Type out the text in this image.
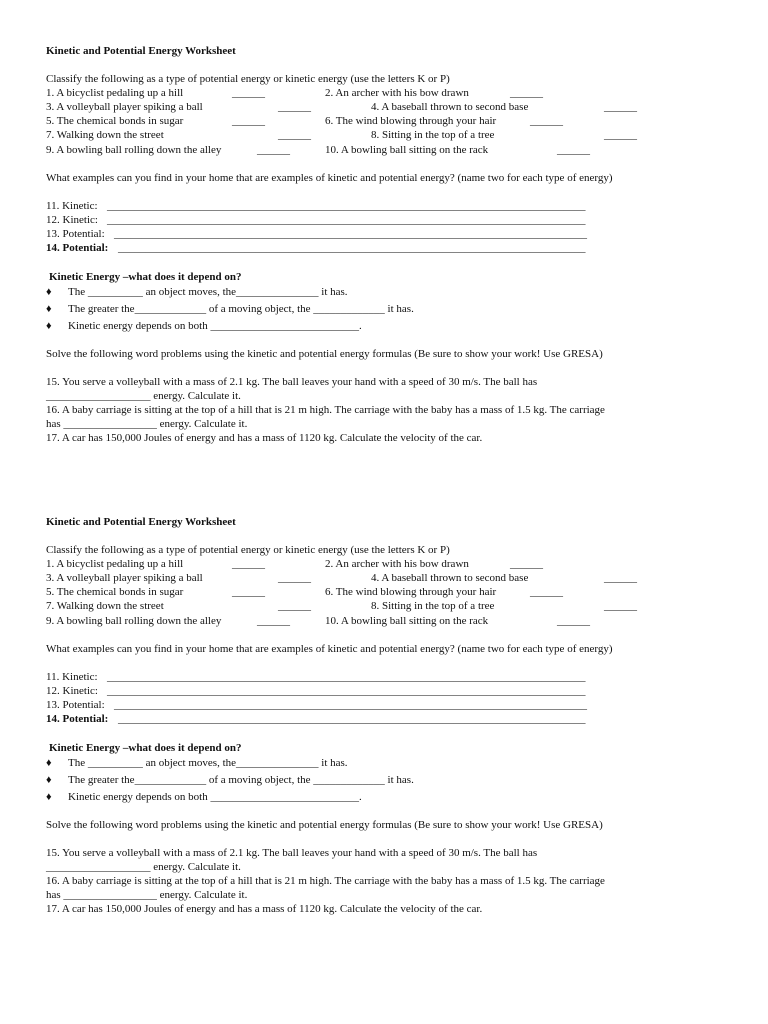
Kinetic and Potential Energy Worksheet
Classify the following as a type of potential energy or kinetic energy (use the letters K or P)
1. A bicyclist pedaling up a hill	______	2. An archer with his bow drawn	______
3. A volleyball player spiking a ball	______	4. A baseball thrown to second base	______
5. The chemical bonds in sugar	______	6. The wind blowing through your hair	______
7. Walking down the street	______	8. Sitting in the top of a tree	______
9. A bowling ball rolling down the alley	______	10. A bowling ball sitting on the rack	______
What examples can you find in your home that are examples of kinetic and potential energy? (name two for each type of energy)
11. Kinetic: _______________________________________________________________________________________
12. Kinetic: _______________________________________________________________________________________
13. Potential: ______________________________________________________________________________________
14. Potential: _____________________________________________________________________________________
Kinetic Energy –what does it depend on?
♦ The __________ an object moves, the_______________ it has.
♦ The greater the_____________ of a moving object, the _____________ it has.
♦ Kinetic energy depends on both ___________________________.
Solve the following word problems using the kinetic and potential energy formulas (Be sure to show your work! Use GRESA)
15. You serve a volleyball with a mass of 2.1 kg. The ball leaves your hand with a speed of 30 m/s. The ball has
___________________ energy. Calculate it.
16. A baby carriage is sitting at the top of a hill that is 21 m high. The carriage with the baby has a mass of 1.5 kg. The carriage
has _________________ energy. Calculate it.
17. A car has 150,000 Joules of energy and has a mass of 1120 kg. Calculate the velocity of the car.
Kinetic and Potential Energy Worksheet
Classify the following as a type of potential energy or kinetic energy (use the letters K or P)
1. A bicyclist pedaling up a hill	______	2. An archer with his bow drawn	______
3. A volleyball player spiking a ball	______	4. A baseball thrown to second base	______
5. The chemical bonds in sugar	______	6. The wind blowing through your hair	______
7. Walking down the street	______	8. Sitting in the top of a tree	______
9. A bowling ball rolling down the alley	______	10. A bowling ball sitting on the rack	______
What examples can you find in your home that are examples of kinetic and potential energy? (name two for each type of energy)
11. Kinetic: _______________________________________________________________________________________
12. Kinetic: _______________________________________________________________________________________
13. Potential: ______________________________________________________________________________________
14. Potential: _____________________________________________________________________________________
Kinetic Energy –what does it depend on?
♦ The __________ an object moves, the_______________ it has.
♦ The greater the_____________ of a moving object, the _____________ it has.
♦ Kinetic energy depends on both ___________________________.
Solve the following word problems using the kinetic and potential energy formulas (Be sure to show your work! Use GRESA)
15. You serve a volleyball with a mass of 2.1 kg. The ball leaves your hand with a speed of 30 m/s. The ball has
___________________ energy. Calculate it.
16. A baby carriage is sitting at the top of a hill that is 21 m high. The carriage with the baby has a mass of 1.5 kg. The carriage
has _________________ energy. Calculate it.
17. A car has 150,000 Joules of energy and has a mass of 1120 kg. Calculate the velocity of the car.
